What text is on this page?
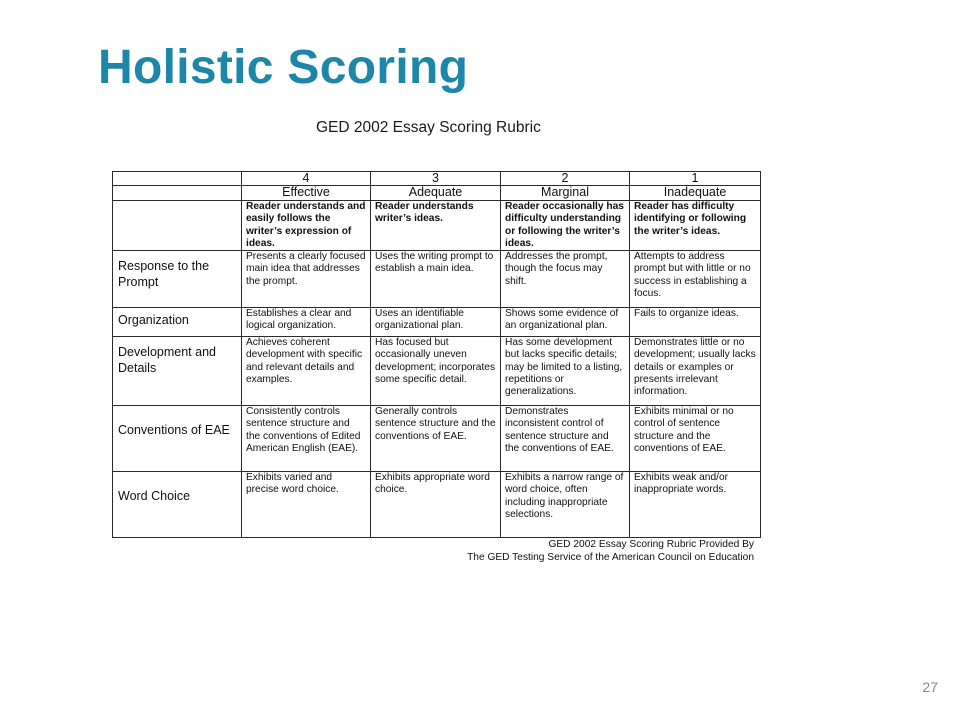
Holistic Scoring
GED 2002 Essay Scoring Rubric
	4	3	2	1
	Effective	Adequate	Marginal	Inadequate
	Reader understands and easily follows the writer’s expression of ideas.	Reader understands writer’s ideas.	Reader occasionally has difficulty understanding or following the writer’s ideas.	Reader has difficulty identifying or following the writer’s ideas.
Response to the Prompt	Presents a clearly focused main idea that addresses the prompt.	Uses the writing prompt to establish a main idea.	Addresses the prompt, though the focus may shift.	Attempts to address prompt but with little or no success in establishing a focus.
Organization	Establishes a clear and logical organization.	Uses an identifiable organizational plan.	Shows some evidence of an organizational plan.	Fails to organize ideas.
Development and Details	Achieves coherent development with specific and relevant details and examples.	Has focused but occasionally uneven development; incorporates some specific detail.	Has some development but lacks specific details; may be limited to a listing, repetitions or generalizations.	Demonstrates little or no development; usually lacks details or examples or presents irrelevant information.
Conventions of EAE	Consistently controls sentence structure and the conventions of Edited American English (EAE).	Generally controls sentence structure and the conventions of EAE.	Demonstrates inconsistent control of sentence structure and the conventions of EAE.	Exhibits minimal or no control of sentence structure and the conventions of EAE.
Word Choice	Exhibits varied and precise word choice.	Exhibits appropriate word choice.	Exhibits a narrow range of word choice, often including inappropriate selections.	Exhibits weak and/or inappropriate words.
GED 2002 Essay Scoring Rubric Provided By
The GED Testing Service of the American Council on Education
27
